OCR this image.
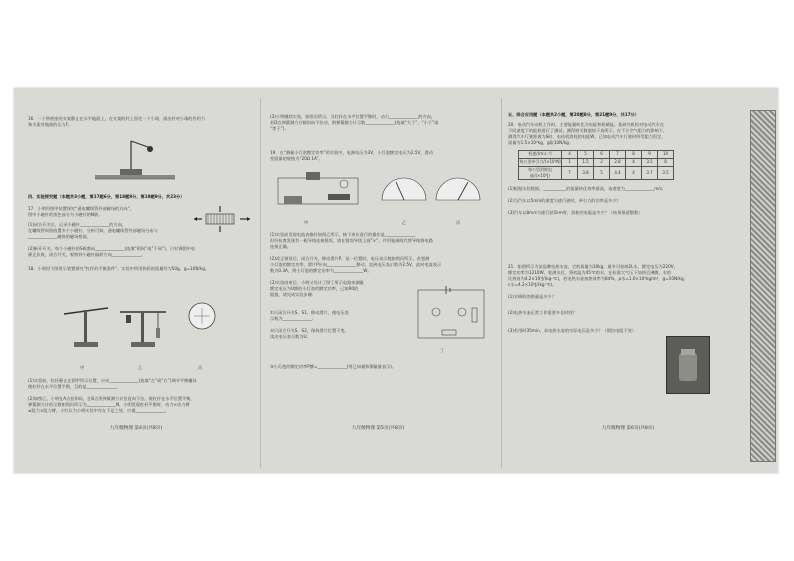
16．一个带底座的支架静止在水平地面上，在支架的杆上固定一个小球，画出杆对小球的作用力
和支架对地面的压力F。
四、实验探究题（本题共3小题，第17题6分，第18题8分，第19题9分，共23分）
17．小明用图甲装置探究“通电螺线管外部磁场的方向”，
图中小磁针的黑色部分为小磁针的N极。
(1)闭合开关后，记录小磁针______________的方向，
在螺线管周围放置多个小磁针，分析可知，通电螺线管外部磁场分布与
______________磁体的磁场相似。
(2)断开开关，每个小磁针的S极都向______________(选填“相同”或“不同”)，只对调图中电
源正负极，闭合开关，观察到小磁针偏转方向______________。
18．小明用下图所示装置探究“杠杆的平衡条件”，实验中所用钩码的质量均为50g，g=10N/kg。
甲	乙	丙
(1)实验前，杠杆静止在图甲所示位置，应向______________(选填“左”或“右”)调节平衡螺母
使杠杆在水平位置平衡，目的是______________。
(2)如图乙，小明在A点挂钩码，在B点用弹簧测力计竖直向下拉，使杠杆在水平位置平衡，
弹簧测力计的示数如图丙所示为______________N，小明发现杠杆平衡时，动力×动力臂
≠阻力×阻力臂，小红认为小明实验中存在不足之处，应做______________。
九年级物理 第4页(共8页)
(3)小明继续实验，如图丙所示，当杠杆在水平位置平衡时，动力______________的方向，
若D点弹簧测力计倾斜向下拉动，则弹簧测力计示数______________(选填“大于”、“小于”或
“等于”)。
19．在“测量小灯泡额定功率”的实验中，电源电压为3V，小灯泡额定电压为2.5V，滑动
变阻器的规格为“20Ω 1A”。
甲	乙	丙
(1)实验前发现电流表指针如图乙所示，接下来应进行的操作是______________，
但经检查发现有一根导线连接错误，请在错误导线上画“×”，并用笔画线代替导线将电路
连接正确。
(2)改正错误后，闭合开关，移动滑片P，某一位置时，电压表示数如图丙所示，若想测
小灯泡的额定功率，滑片P应向______________移动，直到电压表示数为2.5V，此时电流表示
数为0.3A，则小灯泡的额定功率为______________W。
(3)实验结束后，小明又设计了图丁所示电路来测量
额定电压为U额的小灯泡的额定功率，已知R0的
阻值，请完成实验步骤：
丁
①只闭合开关S、S1，移动滑片，使电压表
示数为______________；
②只闭合开关S、S2，保持滑片位置不变，
读出电压表示数为U；
③小灯泡的额定功率P额=______________(用已知量和测量量表示)。
九年级物理 第5页(共8页)
五、综合应用题（本题共2小题，第20题8分，第21题9分，共17分）
20．电动汽车动机工作时，主要能量转化为电能和机械能。某研究机构对电动汽车在
不同速度下的能耗进行了测试，测得相关数据如下表所示。在不计空气阻力的影响下，
测得汽车行驶距离为S时，电动机消耗的电能W。已知电动汽车行驶时所受阻力恒定，
质量为1.5×10³kg，g取10N/kg。
机速/(m·s⁻¹)	4	5	6	7	8	9	10
每公里牵引力/(×10²N)	1	1.5	2	2.8	4	3.5	8
每公里消耗电能/(×10⁵J)	7	3.8	5	4.4	4	3.7	3.5
(1)根据实验数据，___________的能量转化效率最高，该速度为______________m/s；
(2)当汽车以5m/s的速度匀速行驶时，牵引力的功率是多少？
(3)汽车以8m/s匀速行驶1km时，消耗的电能是多少？（结果保留整数）
21．如图所示为某品牌电热水壶，它的质量为10kg，最多可容纳2L水，额定电压为220V，
额定功率为1210W，装满水后，将初温为45℃的水，在标准大气压下加热至沸腾，水的
比热容为4.2×10³J/(kg·℃)，若电热水壶加热效率为84%，ρ水=1.0×10³kg/m³，g=10N/kg，
c水=4.2×10³J/(kg·℃)。
(1)水吸收的热量是多少？
(2)电热水壶正常工作需要多长时间？
(3)若用时35min，求电热水壶的实际电压是多少？（假设电阻不变）
九年级物理 第6页(共8页)
